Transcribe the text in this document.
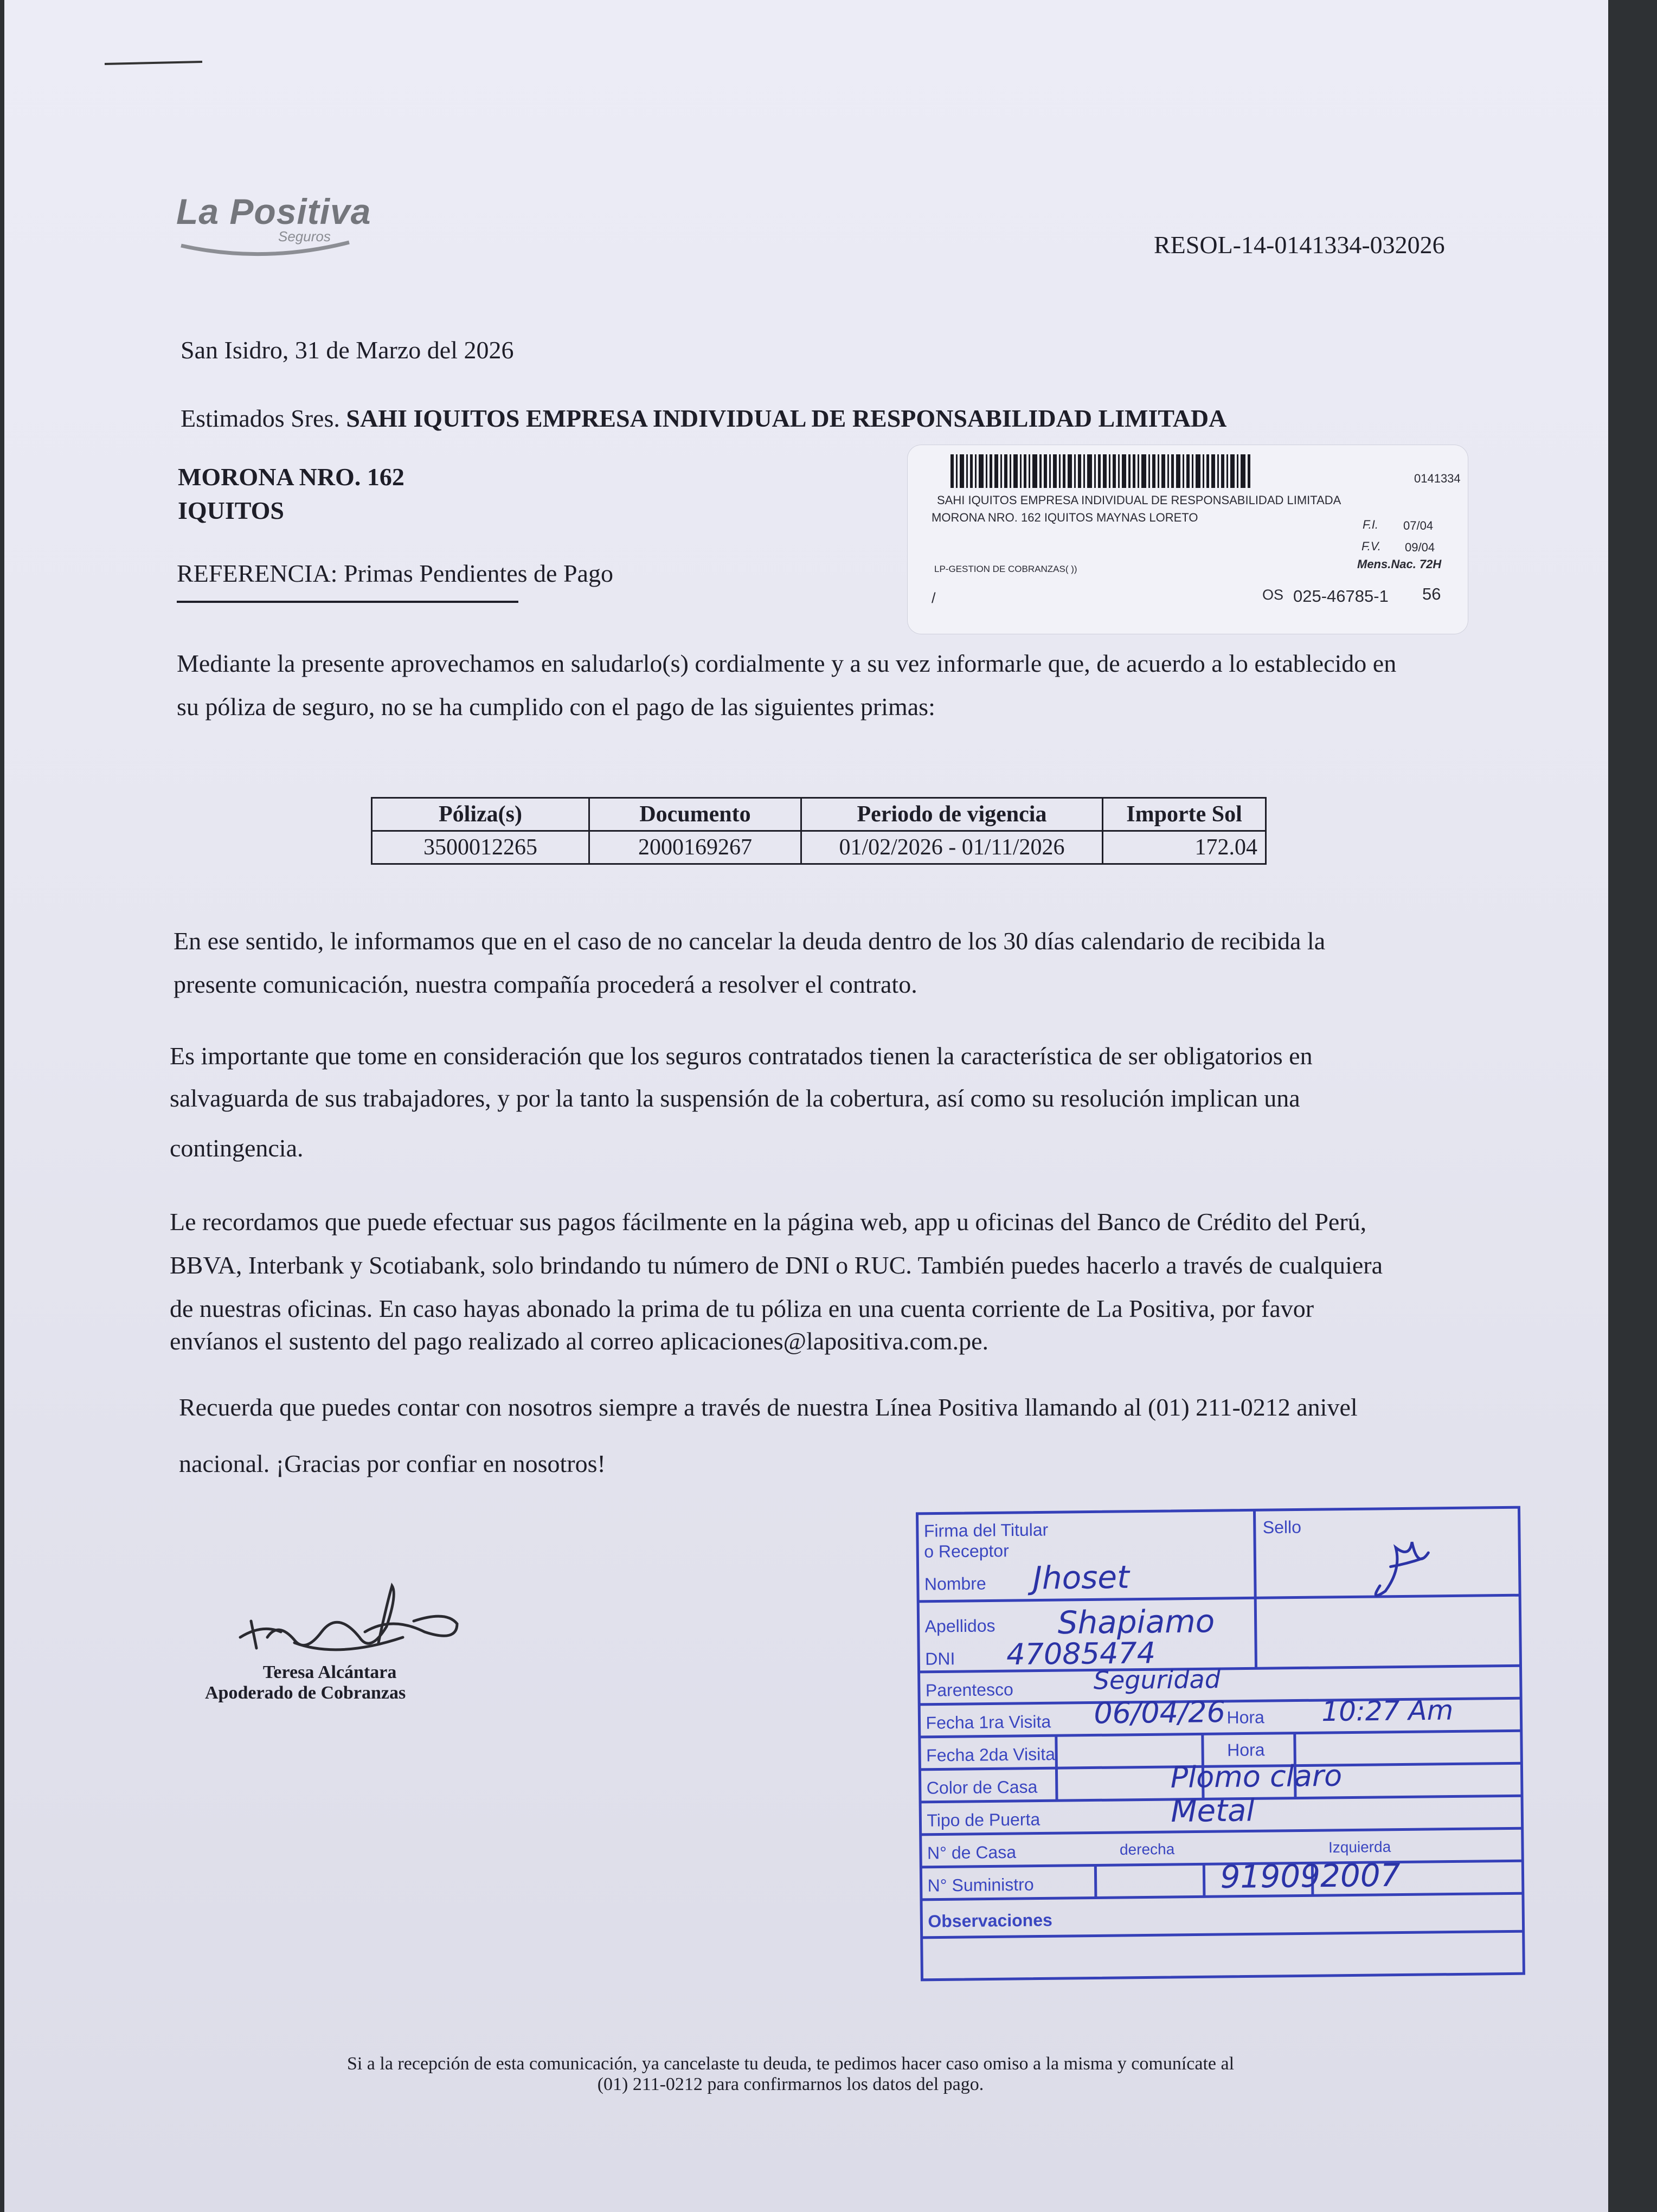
La Positiva
Seguros	RESOL-14-0141334-032026
San Isidro, 31 de Marzo del 2026
Estimados Sres. SAHI IQUITOS EMPRESA INDIVIDUAL DE RESPONSABILIDAD LIMITADA
MORONA NRO. 162
IQUITOS
REFERENCIA: Primas Pendientes de Pago
0141334
SAHI IQUITOS EMPRESA INDIVIDUAL DE RESPONSABILIDAD LIMITADA
MORONA NRO. 162 IQUITOS MAYNAS LORETO
F.I. 07/04
F.V. 09/04
Mens.Nac. 72H
LP-GESTION DE COBRANZAS( ))
/	OS 025-46785-1 56
Mediante la presente aprovechamos en saludarlo(s) cordialmente y a su vez informarle que, de acuerdo a lo establecido en
su póliza de seguro, no se ha cumplido con el pago de las siguientes primas:
Póliza(s)	Documento	Periodo de vigencia	Importe Sol
3500012265	2000169267	01/02/2026 - 01/11/2026	172.04
En ese sentido, le informamos que en el caso de no cancelar la deuda dentro de los 30 días calendario de recibida la
presente comunicación, nuestra compañía procederá a resolver el contrato.
Es importante que tome en consideración que los seguros contratados tienen la característica de ser obligatorios en
salvaguarda de sus trabajadores, y por la tanto la suspensión de la cobertura, así como su resolución implican una
contingencia.
Le recordamos que puede efectuar sus pagos fácilmente en la página web, app u oficinas del Banco de Crédito del Perú,
BBVA, Interbank y Scotiabank, solo brindando tu número de DNI o RUC. También puedes hacerlo a través de cualquiera
de nuestras oficinas. En caso hayas abonado la prima de tu póliza en una cuenta corriente de La Positiva, por favor
envíanos el sustento del pago realizado al correo aplicaciones@lapositiva.com.pe.
Recuerda que puedes contar con nosotros siempre a través de nuestra Línea Positiva llamando al (01) 211-0212 anivel
nacional. ¡Gracias por confiar en nosotros!
Teresa Alcántara
Apoderado de Cobranzas
Firma del Titular
o Receptor
Sello
Nombre Jhoset
Apellidos Shapiamo
DNI 47085474
Parentesco	Seguridad
Fecha 1ra Visita 06/04/26 Hora 10:27 Am
Fecha 2da Visita	Hora
Color de Casa	Plomo claro
Tipo de Puerta	Metal
N° de Casa	derecha	Izquierda
N° Suministro	919092007
Observaciones
Si a la recepción de esta comunicación, ya cancelaste tu deuda, te pedimos hacer caso omiso a la misma y comunícate al
(01) 211-0212 para confirmarnos los datos del pago.
